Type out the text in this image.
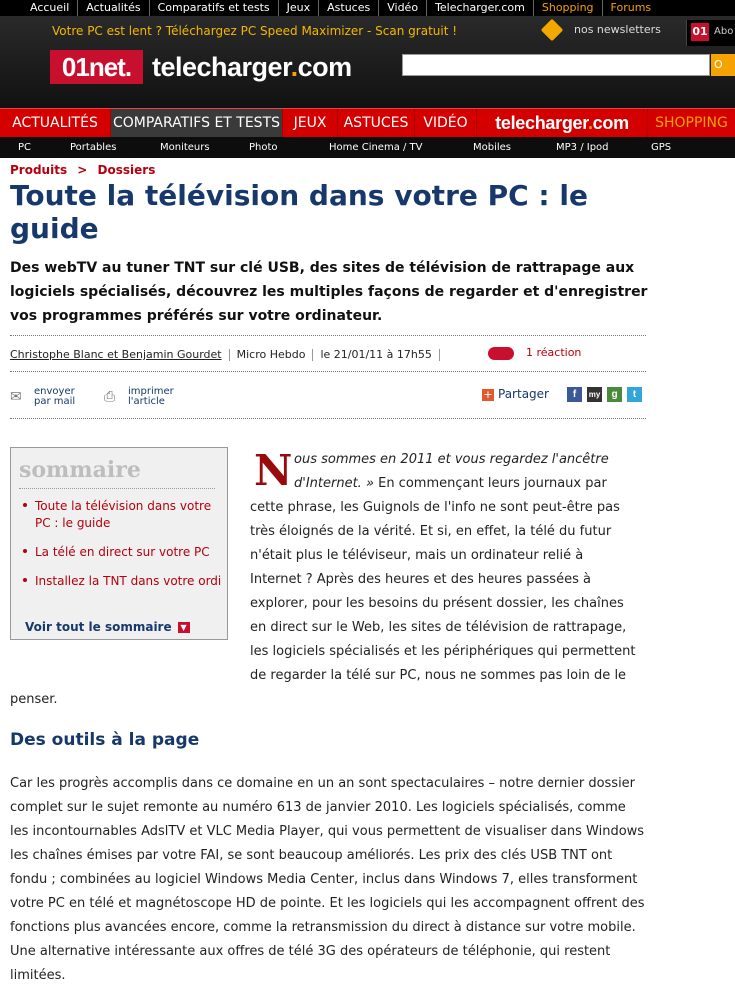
Accueil Actualités Comparatifs et tests Jeux Astuces Vidéo Telecharger.com Shopping Forums
Votre PC est lent ? Téléchargez PC Speed Maximizer - Scan gratuit !	nos newsletters	01 Abo
01net. telecharger.com	O
ACTUALITÉS	COMPARATIFS ET TESTS JEUX	ASTUCES	VIDÉO	telecharger.com	SHOPPING
PC	Portables	Moniteurs	Photo	Home Cinema / TV	Mobiles	MP3 / Ipod	GPS
Produits > Dossiers
Toute la télévision dans votre PC : le guide

Des webTV au tuner TNT sur clé USB, des sites de télévision de rattrapage aux logiciels spécialisés, découvrez les multiples façons de regarder et d'enregistrer vos programmes préférés sur votre ordinateur.

Christophe Blanc et Benjamin Gourdet Micro Hebdo le 21/01/11 à 17h55	1 réaction
✉	envoyer
par mail ⎙	imprimer
l'article
+ Partager	f	my	g	t
sommaire
Toute la télévision dans votre PC : le guide
La télé en direct sur votre PC
Installez la TNT dans votre ordi
Voir tout le sommaire ▼
N ous sommes en 2011 et vous regardez l'ancêtre
d'Internet. » En commençant leurs journaux par
cette phrase, les Guignols de l'info ne sont peut-être pas
très éloignés de la vérité. Et si, en effet, la télé du futur
n'était plus le téléviseur, mais un ordinateur relié à
Internet ? Après des heures et des heures passées à
explorer, pour les besoins du présent dossier, les chaînes
en direct sur le Web, les sites de télévision de rattrapage,
les logiciels spécialisés et les périphériques qui permettent
de regarder la télé sur PC, nous ne sommes pas loin de le
penser.
Des outils à la page

Car les progrès accomplis dans ce domaine en un an sont spectaculaires – notre dernier dossier complet sur le sujet remonte au numéro 613 de janvier 2010. Les logiciels spécialisés, comme les incontournables AdslTV et VLC Media Player, qui vous permettent de visualiser dans Windows les chaînes émises par votre FAI, se sont beaucoup améliorés. Les prix des clés USB TNT ont fondu ; combinées au logiciel Windows Media Center, inclus dans Windows 7, elles transforment votre PC en télé et magnétoscope HD de pointe. Et les logiciels qui les accompagnent offrent des fonctions plus avancées encore, comme la retransmission du direct à distance sur votre mobile. Une alternative intéressante aux offres de télé 3G des opérateurs de téléphonie, qui restent limitées.
